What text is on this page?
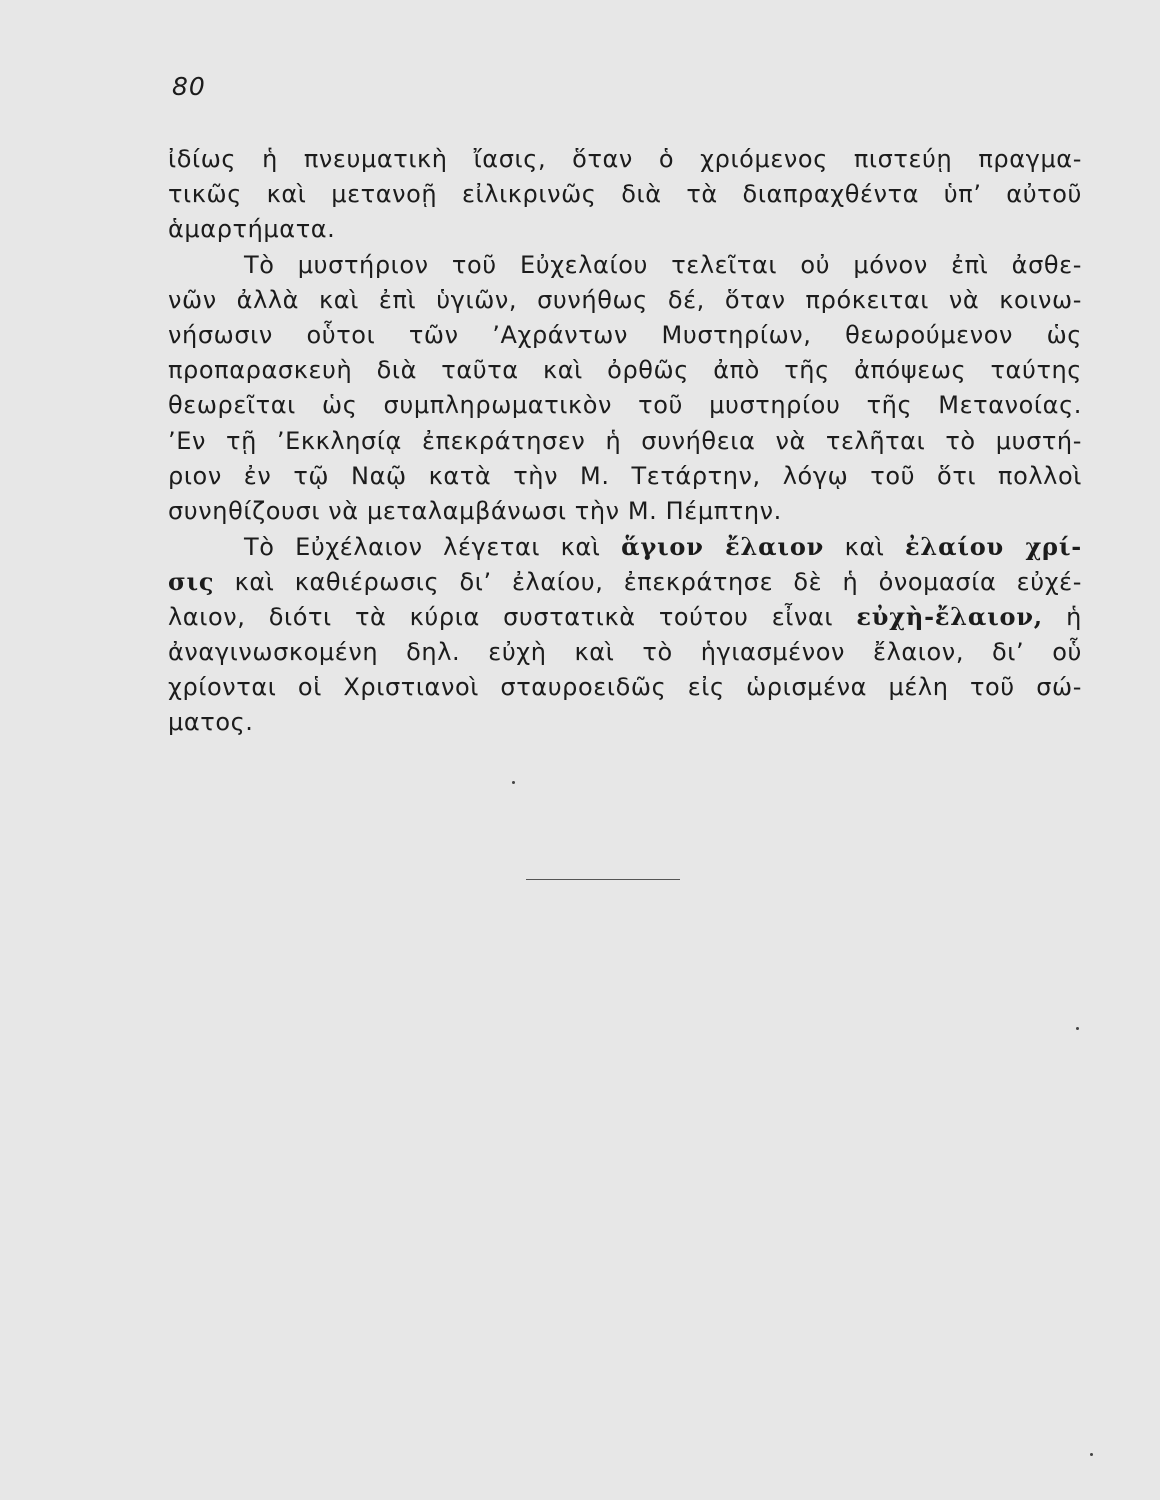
80
ἰδίως ἡ πνευματικὴ ἴασις, ὅταν ὁ χριόμενος πιστεύῃ πραγμα-
τικῶς καὶ μετανοῇ εἰλικρινῶς διὰ τὰ διαπραχθέντα ὑπ’ αὐτοῦ
ἁμαρτήματα.
Τὸ μυστήριον τοῦ Εὐχελαίου τελεῖται οὐ μόνον ἐπὶ ἀσθε-
νῶν ἀλλὰ καὶ ἐπὶ ὑγιῶν, συνήθως δέ, ὅταν πρόκειται νὰ κοινω-
νήσωσιν οὗτοι τῶν ’Αχράντων Μυστηρίων, θεωρούμενον ὡς
προπαρασκευὴ διὰ ταῦτα καὶ ὀρθῶς ἀπὸ τῆς ἀπόψεως ταύτης
θεωρεῖται ὡς συμπληρωματικὸν τοῦ μυστηρίου τῆς Μετανοίας.
’Εν τῇ ’Εκκλησίᾳ ἐπεκράτησεν ἡ συνήθεια νὰ τελῆται τὸ μυστή-
ριον ἐν τῷ Ναῷ κατὰ τὴν Μ. Τετάρτην, λόγῳ τοῦ ὅτι πολλοὶ
συνηθίζουσι νὰ μεταλαμβάνωσι τὴν Μ. Πέμπτην.
Τὸ Εὐχέλαιον λέγεται καὶ ἅγιον ἔλαιον καὶ ἐλαίου χρί-
σις καὶ καθιέρωσις δι’ ἐλαίου, ἐπεκράτησε δὲ ἡ ὀνομασία εὐχέ-
λαιον, διότι τὰ κύρια συστατικὰ τούτου εἶναι εὐχὴ-ἔλαιον, ἡ
ἀναγινωσκομένη δηλ. εὐχὴ καὶ τὸ ἡγιασμένον ἔλαιον, δι’ οὗ
χρίονται οἱ Χριστιανοὶ σταυροειδῶς εἰς ὡρισμένα μέλη τοῦ σώ-
ματος.
